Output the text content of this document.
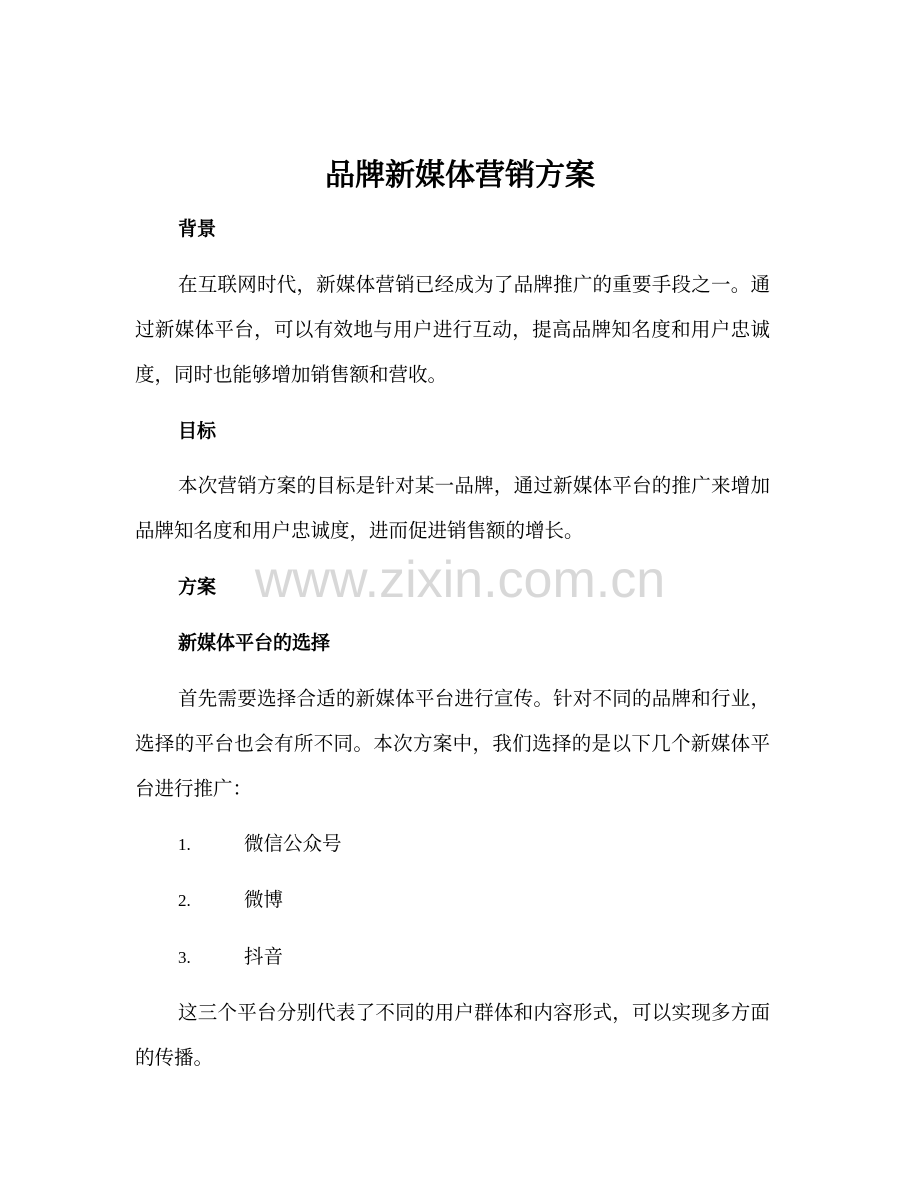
品牌新媒体营销方案
背景

在互联网时代，新媒体营销已经成为了品牌推广的重要手段之一。通过新媒体平台，可以有效地与用户进行互动，提高品牌知名度和用户忠诚度，同时也能够增加销售额和营收。

目标

本次营销方案的目标是针对某一品牌，通过新媒体平台的推广来增加品牌知名度和用户忠诚度，进而促进销售额的增长。

方案
新媒体平台的选择

首先需要选择合适的新媒体平台进行宣传。针对不同的品牌和行业，选择的平台也会有所不同。本次方案中，我们选择的是以下几个新媒体平台进行推广：

1.	微信公众号
2.	微博
3.	抖音

这三个平台分别代表了不同的用户群体和内容形式，可以实现多方面的传播。

www.zixin.com.cn
